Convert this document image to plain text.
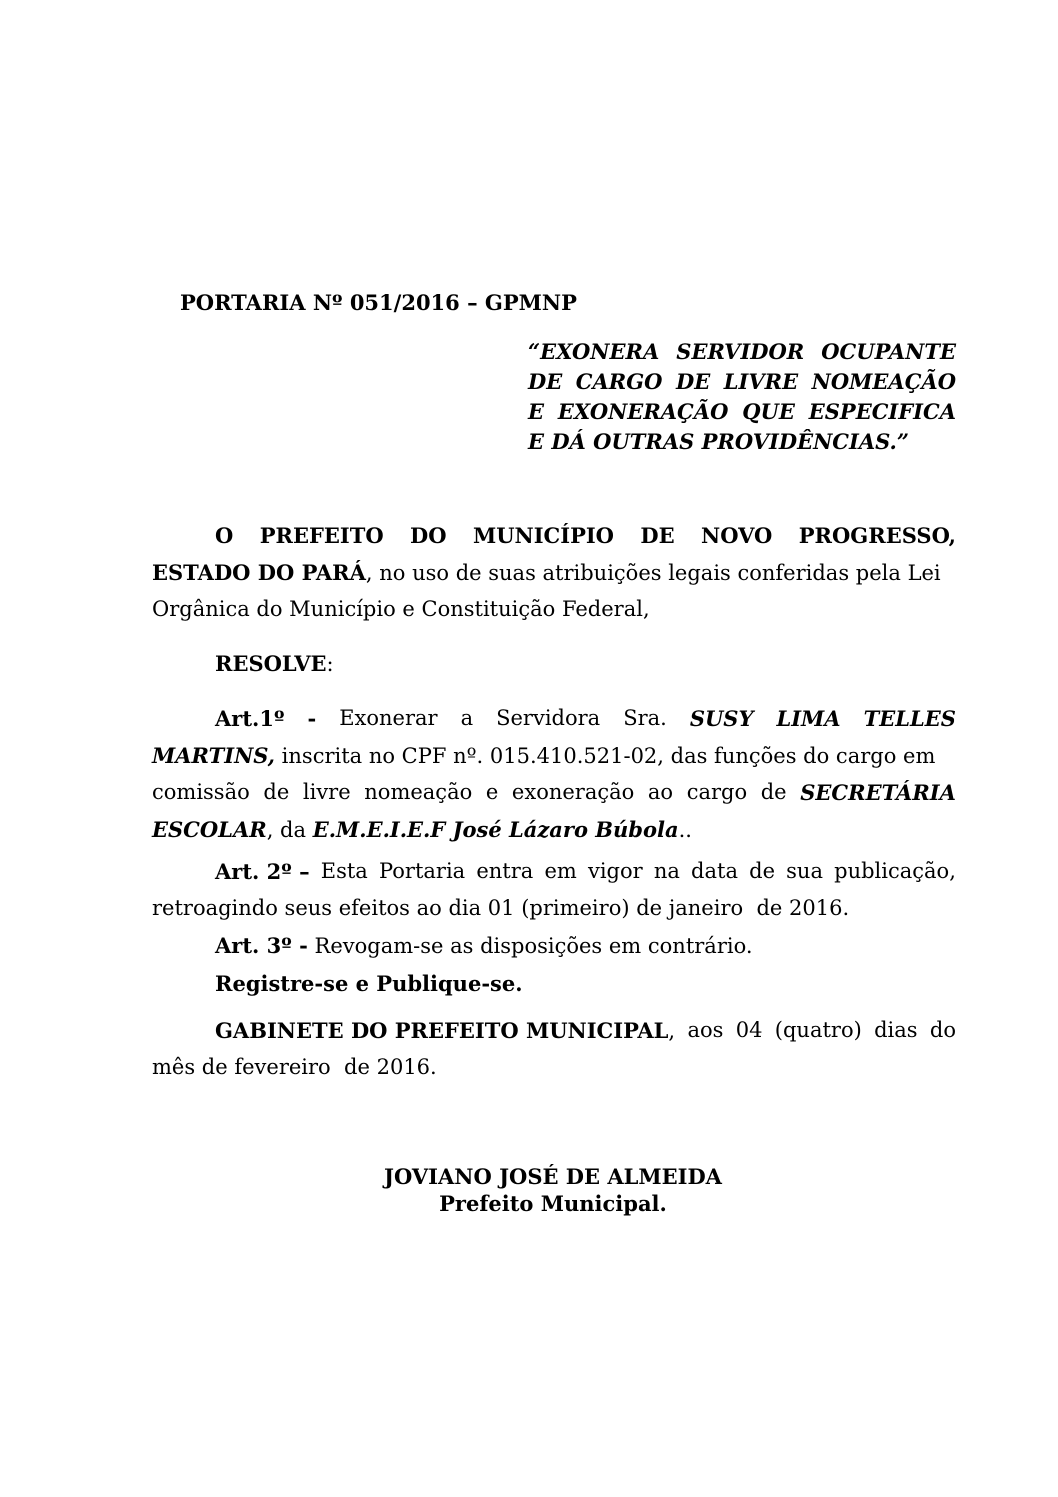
PORTARIA Nº 051/2016 – GPMNP
“EXONERA SERVIDOR OCUPANTE
DE CARGO DE LIVRE NOMEAÇÃO
E EXONERAÇÃO QUE ESPECIFICA
E DÁ OUTRAS PROVIDÊNCIAS.”
O PREFEITO DO MUNICÍPIO DE NOVO PROGRESSO,
ESTADO DO PARÁ, no uso de suas atribuições legais conferidas pela Lei
Orgânica do Município e Constituição Federal,
RESOLVE:
Art.1º - Exonerar a Servidora Sra. SUSY LIMA TELLES
MARTINS, inscrita no CPF nº. 015.410.521-02, das funções do cargo em
comissão de livre nomeação e exoneração ao cargo de SECRETÁRIA
ESCOLAR, da E.M.E.I.E.F José Lázaro Búbola..
Art. 2º – Esta Portaria entra em vigor na data de sua publicação,
retroagindo seus efeitos ao dia 01 (primeiro) de janeiro  de 2016.
Art. 3º - Revogam-se as disposições em contrário.
Registre-se e Publique-se.
GABINETE DO PREFEITO MUNICIPAL, aos 04 (quatro) dias do
mês de fevereiro  de 2016.
JOVIANO JOSÉ DE ALMEIDA
Prefeito Municipal.
